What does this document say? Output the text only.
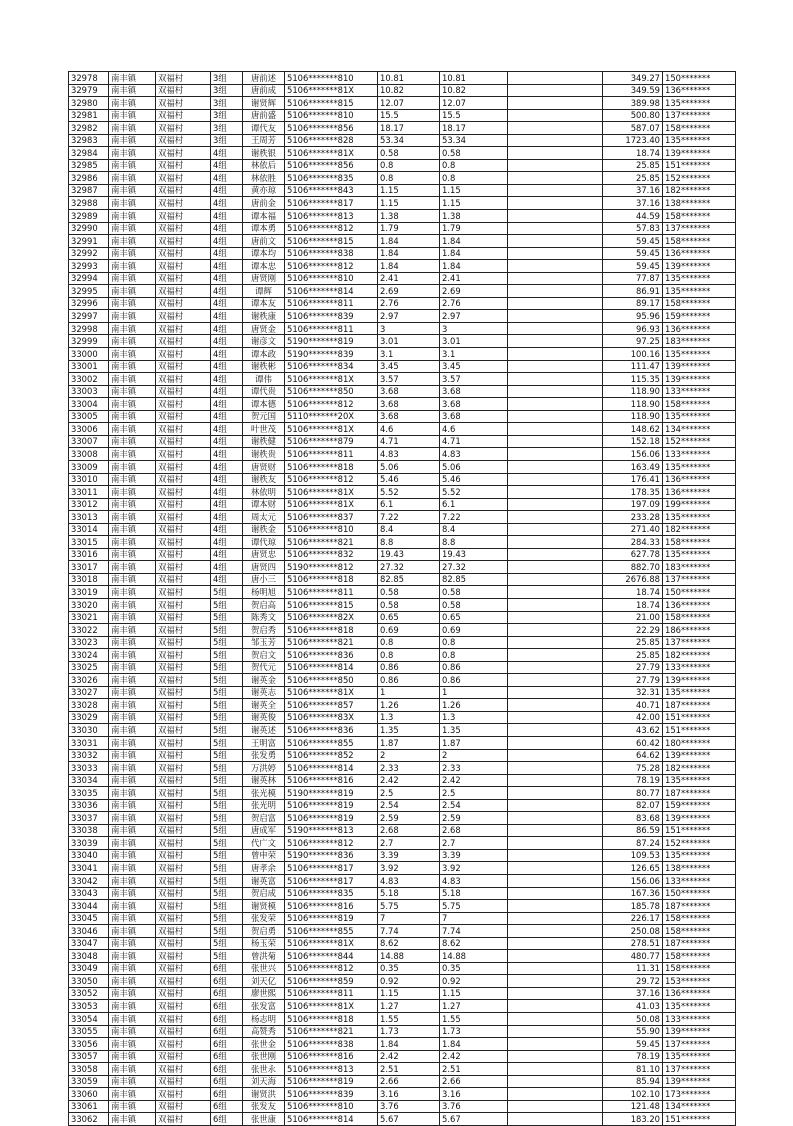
32978	南丰镇	双福村	3组	唐前述	5106*******810	10.81	10.81		349.27	150*******
32979	南丰镇	双福村	3组	唐前成	5106*******81X	10.82	10.82		349.59	136*******
32980	南丰镇	双福村	3组	谢贤辉	5106*******815	12.07	12.07		389.98	135*******
32981	南丰镇	双福村	3组	唐前盛	5106*******810	15.5	15.5		500.80	137*******
32982	南丰镇	双福村	3组	谭代友	5106*******856	18.17	18.17		587.07	158*******
32983	南丰镇	双福村	3组	王周芳	5106*******828	53.34	53.34		1723.40	135*******
32984	南丰镇	双福村	4组	谢秩银	5106*******81X	0.58	0.58		18.74	139*******
32985	南丰镇	双福村	4组	林依后	5106*******856	0.8	0.8		25.85	151*******
32986	南丰镇	双福村	4组	林依胜	5106*******835	0.8	0.8		25.85	152*******
32987	南丰镇	双福村	4组	黄亦琼	5106*******843	1.15	1.15		37.16	182*******
32988	南丰镇	双福村	4组	唐前金	5106*******817	1.15	1.15		37.16	138*******
32989	南丰镇	双福村	4组	谭本福	5106*******813	1.38	1.38		44.59	158*******
32990	南丰镇	双福村	4组	谭本勇	5106*******812	1.79	1.79		57.83	137*******
32991	南丰镇	双福村	4组	唐前文	5106*******815	1.84	1.84		59.45	158*******
32992	南丰镇	双福村	4组	谭本均	5106*******838	1.84	1.84		59.45	136*******
32993	南丰镇	双福村	4组	谭本忠	5106*******812	1.84	1.84		59.45	139*******
32994	南丰镇	双福村	4组	唐贤刚	5106*******810	2.41	2.41		77.87	135*******
32995	南丰镇	双福村	4组	谭辉	5106*******814	2.69	2.69		86.91	135*******
32996	南丰镇	双福村	4组	谭本友	5106*******811	2.76	2.76		89.17	158*******
32997	南丰镇	双福村	4组	谢秩康	5106*******839	2.97	2.97		95.96	159*******
32998	南丰镇	双福村	4组	唐贤金	5106*******811	3	3		96.93	136*******
32999	南丰镇	双福村	4组	谢彦文	5190*******819	3.01	3.01		97.25	183*******
33000	南丰镇	双福村	4组	谭本政	5190*******839	3.1	3.1		100.16	135*******
33001	南丰镇	双福村	4组	谢秩彬	5106*******834	3.45	3.45		111.47	139*******
33002	南丰镇	双福村	4组	谭伟	5106*******81X	3.57	3.57		115.35	139*******
33003	南丰镇	双福村	4组	谭代贵	5106*******850	3.68	3.68		118.90	133*******
33004	南丰镇	双福村	4组	谭本德	5106*******812	3.68	3.68		118.90	158*******
33005	南丰镇	双福村	4组	贺元国	5110*******20X	3.68	3.68		118.90	135*******
33006	南丰镇	双福村	4组	叶世茂	5106*******81X	4.6	4.6		148.62	134*******
33007	南丰镇	双福村	4组	谢秩健	5106*******879	4.71	4.71		152.18	152*******
33008	南丰镇	双福村	4组	谢秩贵	5106*******811	4.83	4.83		156.06	133*******
33009	南丰镇	双福村	4组	唐贤财	5106*******818	5.06	5.06		163.49	135*******
33010	南丰镇	双福村	4组	谢秩友	5106*******812	5.46	5.46		176.41	136*******
33011	南丰镇	双福村	4组	林依明	5106*******81X	5.52	5.52		178.35	136*******
33012	南丰镇	双福村	4组	谭本财	5106*******81X	6.1	6.1		197.09	199*******
33013	南丰镇	双福村	4组	周太元	5106*******837	7.22	7.22		233.28	135*******
33014	南丰镇	双福村	4组	谢秩金	5106*******810	8.4	8.4		271.40	182*******
33015	南丰镇	双福村	4组	谭代琼	5106*******821	8.8	8.8		284.33	158*******
33016	南丰镇	双福村	4组	唐贤忠	5106*******832	19.43	19.43		627.78	135*******
33017	南丰镇	双福村	4组	唐贤四	5190*******812	27.32	27.32		882.70	183*******
33018	南丰镇	双福村	4组	唐小三	5106*******818	82.85	82.85		2676.88	137*******
33019	南丰镇	双福村	5组	杨明旭	5106*******811	0.58	0.58		18.74	150*******
33020	南丰镇	双福村	5组	贺启高	5106*******815	0.58	0.58		18.74	136*******
33021	南丰镇	双福村	5组	陈秀文	5106*******82X	0.65	0.65		21.00	158*******
33022	南丰镇	双福村	5组	贺启秀	5106*******818	0.69	0.69		22.29	186*******
33023	南丰镇	双福村	5组	邹玉芳	5106*******821	0.8	0.8		25.85	137*******
33024	南丰镇	双福村	5组	贺启文	5106*******836	0.8	0.8		25.85	182*******
33025	南丰镇	双福村	5组	贺代元	5106*******814	0.86	0.86		27.79	133*******
33026	南丰镇	双福村	5组	谢英金	5106*******850	0.86	0.86		27.79	139*******
33027	南丰镇	双福村	5组	谢英志	5106*******81X	1	1		32.31	135*******
33028	南丰镇	双福村	5组	谢英全	5106*******857	1.26	1.26		40.71	187*******
33029	南丰镇	双福村	5组	谢英俊	5106*******83X	1.3	1.3		42.00	151*******
33030	南丰镇	双福村	5组	谢英述	5106*******836	1.35	1.35		43.62	151*******
33031	南丰镇	双福村	5组	王明富	5106*******855	1.87	1.87		60.42	180*******
33032	南丰镇	双福村	5组	张发勇	5106*******852	2	2		64.62	139*******
33033	南丰镇	双福村	5组	万洪婷	5106*******814	2.33	2.33		75.28	182*******
33034	南丰镇	双福村	5组	谢英林	5106*******816	2.42	2.42		78.19	135*******
33035	南丰镇	双福村	5组	张光模	5190*******819	2.5	2.5		80.77	187*******
33036	南丰镇	双福村	5组	张光明	5106*******819	2.54	2.54		82.07	159*******
33037	南丰镇	双福村	5组	贺启富	5106*******819	2.59	2.59		83.68	139*******
33038	南丰镇	双福村	5组	唐成军	5190*******813	2.68	2.68		86.59	151*******
33039	南丰镇	双福村	5组	代广文	5106*******812	2.7	2.7		87.24	152*******
33040	南丰镇	双福村	5组	曾申荣	5190*******836	3.39	3.39		109.53	135*******
33041	南丰镇	双福村	5组	唐孝余	5106*******817	3.92	3.92		126.65	138*******
33042	南丰镇	双福村	5组	谢英富	5106*******817	4.83	4.83		156.06	133*******
33043	南丰镇	双福村	5组	贺启成	5106*******835	5.18	5.18		167.36	150*******
33044	南丰镇	双福村	5组	谢贤模	5106*******816	5.75	5.75		185.78	187*******
33045	南丰镇	双福村	5组	张发荣	5106*******819	7	7		226.17	158*******
33046	南丰镇	双福村	5组	贺启勇	5106*******855	7.74	7.74		250.08	158*******
33047	南丰镇	双福村	5组	杨玉荣	5106*******81X	8.62	8.62		278.51	187*******
33048	南丰镇	双福村	5组	曾洪菊	5106*******844	14.88	14.88		480.77	158*******
33049	南丰镇	双福村	6组	张世兴	5106*******812	0.35	0.35		11.31	158*******
33050	南丰镇	双福村	6组	刘天亿	5106*******859	0.92	0.92		29.72	153*******
33052	南丰镇	双福村	6组	廖世熙	5106*******811	1.15	1.15		37.16	136*******
33053	南丰镇	双福村	6组	张发富	5106*******81X	1.27	1.27		41.03	135*******
33054	南丰镇	双福村	6组	杨志明	5106*******818	1.55	1.55		50.08	133*******
33055	南丰镇	双福村	6组	高赞秀	5106*******821	1.73	1.73		55.90	139*******
33056	南丰镇	双福村	6组	张世金	5106*******838	1.84	1.84		59.45	137*******
33057	南丰镇	双福村	6组	张世刚	5106*******816	2.42	2.42		78.19	135*******
33058	南丰镇	双福村	6组	张世永	5106*******813	2.51	2.51		81.10	137*******
33059	南丰镇	双福村	6组	刘天海	5106*******819	2.66	2.66		85.94	139*******
33060	南丰镇	双福村	6组	谢贤洪	5106*******839	3.16	3.16		102.10	173*******
33061	南丰镇	双福村	6组	张发友	5106*******810	3.76	3.76		121.48	134*******
33062	南丰镇	双福村	6组	张世康	5106*******814	5.67	5.67		183.20	151*******
